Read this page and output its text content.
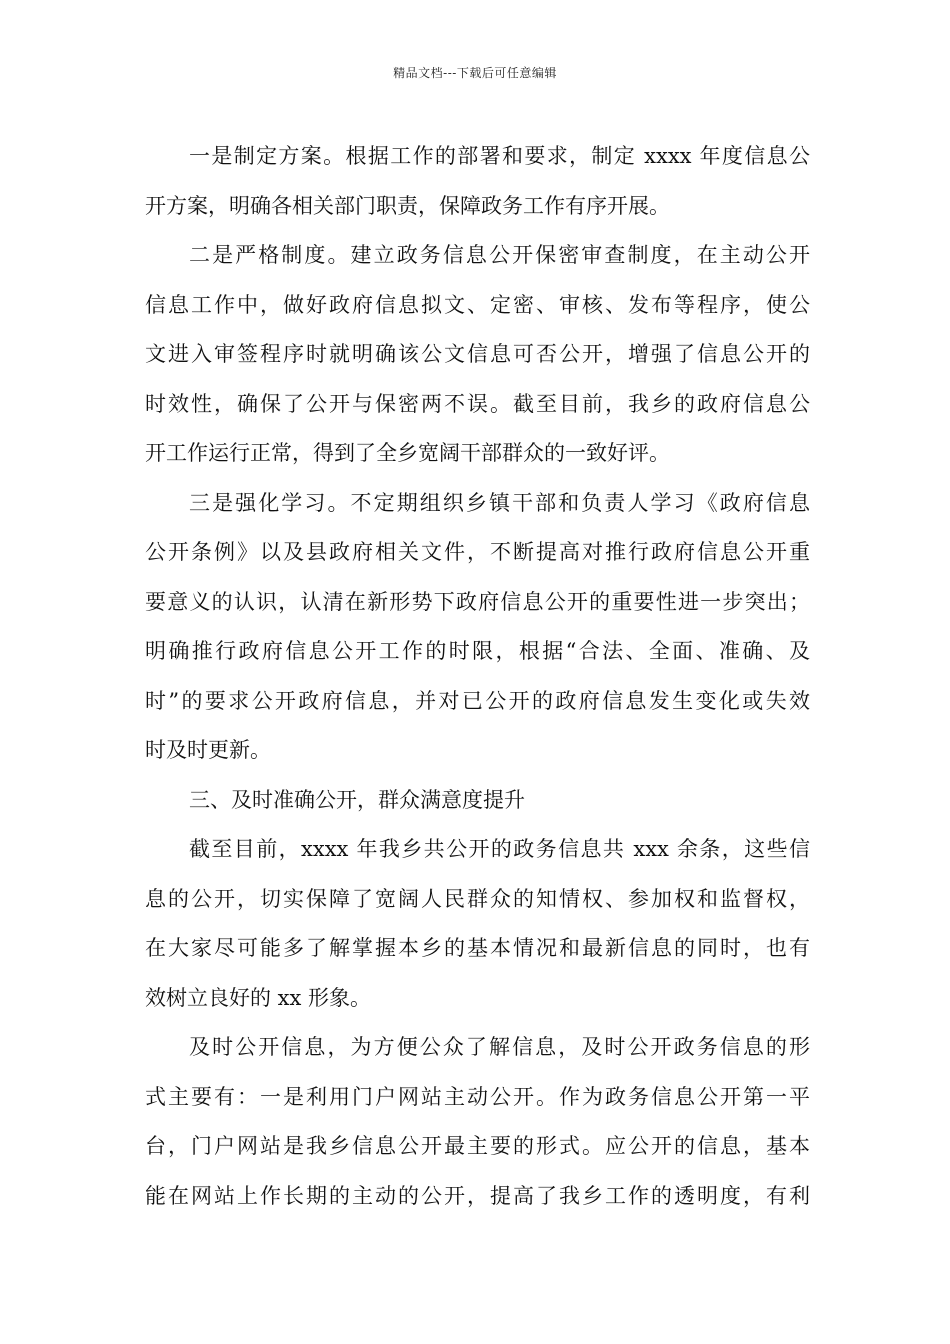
精品文档---下载后可任意编辑
一是制定方案。根据工作的部署和要求，制定 xxxx 年度信息公
开方案，明确各相关部门职责，保障政务工作有序开展。
二是严格制度。建立政务信息公开保密审查制度，在主动公开
信息工作中，做好政府信息拟文、定密、审核、发布等程序，使公
文进入审签程序时就明确该公文信息可否公开，增强了信息公开的
时效性，确保了公开与保密两不误。截至目前，我乡的政府信息公
开工作运行正常，得到了全乡宽阔干部群众的一致好评。
三是强化学习。不定期组织乡镇干部和负责人学习《政府信息
公开条例》以及县政府相关文件，不断提高对推行政府信息公开重
要意义的认识，认清在新形势下政府信息公开的重要性进一步突出；
明确推行政府信息公开工作的时限，根据“合法、全面、准确、及
时”的要求公开政府信息，并对已公开的政府信息发生变化或失效
时及时更新。
三、及时准确公开，群众满意度提升
截至目前，xxxx 年我乡共公开的政务信息共 xxx 余条，这些信
息的公开，切实保障了宽阔人民群众的知情权、参加权和监督权，
在大家尽可能多了解掌握本乡的基本情况和最新信息的同时，也有
效树立良好的 xx 形象。
及时公开信息，为方便公众了解信息，及时公开政务信息的形
式主要有：一是利用门户网站主动公开。作为政务信息公开第一平
台，门户网站是我乡信息公开最主要的形式。应公开的信息，基本
能在网站上作长期的主动的公开，提高了我乡工作的透明度，有利
